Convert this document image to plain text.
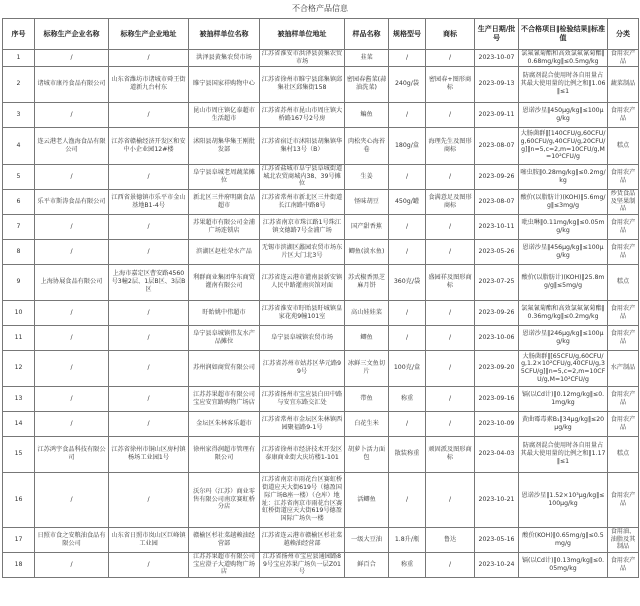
不合格产品信息
序号	标称生产企业名称	标称生产企业地址	被抽样单位名称	被抽样单位地址	样品名称	规格型号	商标	生产日期/批号	不合格项目‖检验结果‖标准值	分类
1	/	/	洪泽县黄集农贸市场	江苏省淮安市洪泽县黄集农贸市场	韭菜	/	/	2023-10-07	氯氟氰菊酯和高效氯氟氰菊酯‖0.68mg/kg‖≤0.5mg/kg	食用农产品
2	诸城市康丹食品有限公司	山东省潍坊市诸城市舜王街道新九台村东	睢宁县国家祥购物中心	江苏省徐州市睢宁县邱集镇邱集社区邱集街158	密园春酱菜(蒜油洗菜)	240g/袋	密园春+图形商标	2023-09-13	防腐剂混合使用时各自用量占其最大使用量的比例之和‖1.06‖≤1	蔬菜制品
3	/	/	昆山市周庄镇亿泰超市生活超市	江苏省苏州市昆山市周庄镇大桥路167号2号房	鳊鱼	/	/	2023-09-11	恩诺沙星‖450μg/kg‖≤100μg/kg	食用农产品
4	连云港老人渔海食品有限公司	江苏省赣榆经济开发区和安中小企业园12#楼	沭阳县胡集华集王刚批发部	江苏省宿迁市沭阳县胡集镇华集村13号（B）	肉松夹心海苔卷	180g/盒	海理先生及图形商标	2023-08-07	大肠菌群‖[140CFU/g,60CFU/g,60CFU/g,40CFU/g,20CFU/g]‖n=5,c=2,m=10CFU/g,M=10²CFU/g	糕点
5	/	/	阜宁县阜城老周蔬菜摊位	江苏省盐城市阜宁县阜城街道城北农贸商城内38、39号摊位	生姜	/	/	2023-09-26	噻虫胺‖0.28mg/kg‖≤0.2mg/kg	食用农产品
6	乐平市斯涛食品有限公司	江西省景德镇市乐平市金山基地B1-4号	新北区三井府明副食品超市	江苏省常州市新北区三井街道长江南路中路8号	怪味胡豆	450g/罐	食满意足及图形商标	2023-08-07	酸价(以脂肪计)(KOH)‖5.6mg/g‖≤3mg/g	炒货食品及坚果制品
7	/	/	苏果超市有限公司金浦广场连锁店	江苏省南京市珠江路1号珠江镇文德路7号金浦广场	国产甜香蕉	/	/	2023-10-11	吡虫啉‖0.11mg/kg‖≤0.05mg/kg	食用农产品
8	/	/	滨湖区赵杜荣水产品	无锡市滨湖区蠡园农贸市场东片区大门北3号	鲫鱼(淡水鱼)	/	/	2023-05-26	恩诺沙星‖456μg/kg‖≤100μg/kg	食用农产品
9	上海协展食品有限公司	上海市嘉定区曹安路4560号3幢2层、1层B区、3层B区	利群商业集团华东商贸灌南有限公司	江苏省连云港市灌南县新安镇人民中路灌南宾馆对面	苏式椒香黑芝麻月饼	360克/袋	盛园祥及图形商标	2023-07-25	酸价(以脂肪计)(KOH)‖25.8mg/g‖≤5mg/g	糕点
10	/	/	盱眙姚中伟超市	江苏省淮安市盱眙县盱城镇皇家花苑9幢101室	高山娃娃菜	/	/	2023-09-26	氯氟氰菊酯和高效氯氟氰菊酯‖0.36mg/kg‖≤0.2mg/kg	食用农产品
11	/	/	阜宁县阜城镇伟友水产品摊位	阜宁县阜城镇农贸市场	鲫鱼	/	/	2023-10-06	恩诺沙星‖246μg/kg‖≤100μg/kg	食用农产品
12	/	/	苏州润如商贸有限公司	江苏省苏州市姑苏区华元路99号	冰鲜三文鱼切片	100克/盒	/	2023-09-20	大肠菌群‖[65CFU/g,60CFU/g,1.2×10²CFU/g,40CFU/g,35CFU/g]‖n=5,c=2,m=10CFU/g,M=10²CFU/g	水产制品
13	/	/	江苏苏果超市有限公司宝应安宜路购物广场店	江苏省扬州市宝应县白田中路与安宜东路交汇处	带鱼	称重	/	2023-09-16	镉(以Cd计)‖0.12mg/kg‖≤0.1mg/kg	食用农产品
14	/	/	金坛区朱林客乐超市	江苏省常州市金坛区朱林镇西园聚福路9-1号	白花生米	/	/	2023-10-09	黄曲霉毒素B₁‖34μg/kg‖≤20μg/kg	食用农产品
15	江苏鸿宇食品科技有限公司	江苏省徐州市铜山区房村镇杨场工业园1号	徐州家得润超市管理有限公司	江苏省徐州市经济技术开发区泰康商业街大庆坊楼1-101	胡萝卜活力面包	散装称重	顽固派及图形商标	2023-04-03	防腐剂混合使用时各自用量占其最大使用量的比例之和‖1.17‖≤1	糕点
16	/	/	沃尔玛（江苏）商业零售有限公司南京赛虹桥分店	江苏省南京市雨花台区赛虹桥街道应天大街619号（德盈国际广场B座一楼）（仓库）地址：江苏省南京市雨花台区赛虹桥街道应天大街619号德盈国际广场负一楼	活鲫鱼	/	/	2023-10-21	恩诺沙星‖1.52×10³μg/kg‖≤100μg/kg	食用农产品
17	日照市食之安粮油食品有限公司	山东省日照市岚山区巨峰镇工业园	赣榆区杉社菜越赖油经营部	江苏省连云港市赣榆区杉社菜越赖油经营部	一级大豆油	1.8升/瓶	鲁达	2023-05-16	酸价(KOH)‖0.65mg/g‖≤0.5mg/g	食用油、油脂及其制品
18	/	/	江苏苏果超市有限公司宝应澄子大道购物广场店	江苏省扬州市宝应县通园路89号宝应苏果广场负一层Z01号	鲜百合	称重	/	2023-10-24	镉(以Cd计)‖0.13mg/kg‖≤0.05mg/kg	食用农产品
